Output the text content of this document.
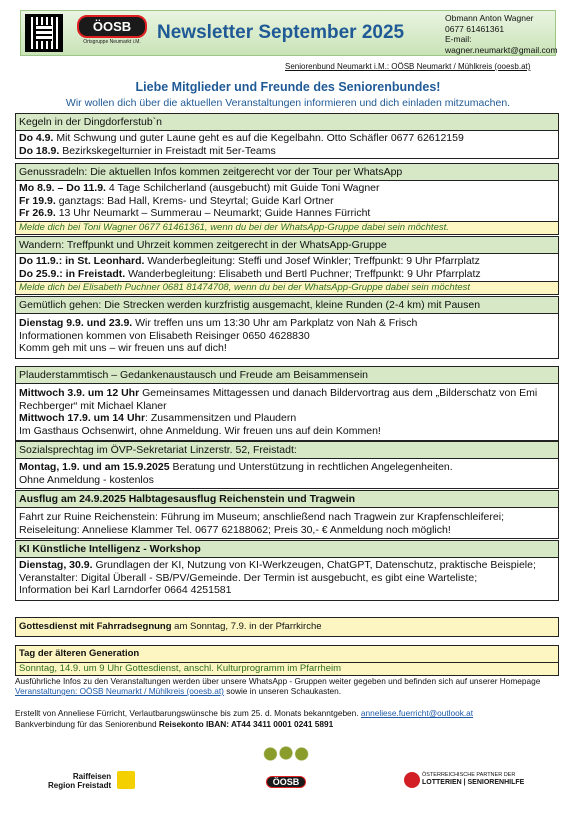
ÖOSB
Ortsgruppe Neumarkt i.M. Newsletter September 2025
Obmann Anton Wagner
0677 61461361
E-mail:
wagner.neumarkt@gmail.com
Seniorenbund Neumarkt i.M.: OÖSB Neumarkt / Mühlkreis (ooesb.at)
Liebe Mitglieder und Freunde des Seniorenbundes!
Wir wollen dich über die aktuellen Veranstaltungen informieren und dich einladen mitzumachen.
Kegeln in der Dingdorferstub`n
Do 4.9. Mit Schwung und guter Laune geht es auf die Kegelbahn. Otto Schäfler 0677 62612159
Do 18.9. Bezirkskegelturnier in Freistadt mit 5er-Teams
Genussradeln: Die aktuellen Infos kommen zeitgerecht vor der Tour per WhatsApp
Mo 8.9. – Do 11.9. 4 Tage Schilcherland (ausgebucht) mit Guide Toni Wagner
Fr 19.9. ganztags: Bad Hall, Krems- und Steyrtal; Guide Karl Ortner
Fr 26.9. 13 Uhr Neumarkt – Summerau – Neumarkt; Guide Hannes Fürricht
Melde dich bei Toni Wagner 0677 61461361, wenn du bei der WhatsApp-Gruppe dabei sein möchtest.
Wandern: Treffpunkt und Uhrzeit kommen zeitgerecht in der WhatsApp-Gruppe
Do 11.9.: in St. Leonhard. Wanderbegleitung: Steffi und Josef Winkler; Treffpunkt: 9 Uhr Pfarrplatz
Do 25.9.: in Freistadt. Wanderbegleitung: Elisabeth und Bertl Puchner; Treffpunkt: 9 Uhr Pfarrplatz
Melde dich bei Elisabeth Puchner 0681 81474708, wenn du bei der WhatsApp-Gruppe dabei sein möchtest
Gemütlich gehen: Die Strecken werden kurzfristig ausgemacht, kleine Runden (2-4 km) mit Pausen
Dienstag 9.9. und 23.9. Wir treffen uns um 13:30 Uhr am Parkplatz von Nah & Frisch
Informationen kommen von Elisabeth Reisinger 0650 4628830
Komm geh mit uns – wir freuen uns auf dich!
Plauderstammtisch – Gedankenaustausch und Freude am Beisammensein
Mittwoch 3.9. um 12 Uhr Gemeinsames Mittagessen und danach Bildervortrag aus dem „Bilderschatz von Emi Rechberger“ mit Michael Klaner
Mittwoch 17.9. um 14 Uhr: Zusammensitzen und Plaudern
Im Gasthaus Ochsenwirt, ohne Anmeldung. Wir freuen uns auf dein Kommen!
Sozialsprechtag im ÖVP-Sekretariat Linzerstr. 52, Freistadt:
Montag, 1.9. und am 15.9.2025 Beratung und Unterstützung in rechtlichen Angelegenheiten.
Ohne Anmeldung - kostenlos
Ausflug am 24.9.2025 Halbtagesausflug Reichenstein und Tragwein
Fahrt zur Ruine Reichenstein: Führung im Museum; anschließend nach Tragwein zur Krapfenschleiferei;
Reiseleitung: Anneliese Klammer Tel. 0677 62188062; Preis 30,- € Anmeldung noch möglich!
KI Künstliche Intelligenz - Workshop
Dienstag, 30.9. Grundlagen der KI, Nutzung von KI-Werkzeugen, ChatGPT, Datenschutz, praktische Beispiele;
Veranstalter: Digital Überall - SB/PV/Gemeinde. Der Termin ist ausgebucht, es gibt eine Warteliste;
Information bei Karl Larndorfer 0664 4251581
Gottesdienst mit Fahrradsegnung am Sonntag, 7.9. in der Pfarrkirche
Tag der älteren Generation
Sonntag, 14.9. um 9 Uhr Gottesdienst, anschl. Kulturprogramm im Pfarrheim
Ausführliche Infos zu den Veranstaltungen werden über unsere WhatsApp - Gruppen weiter gegeben und befinden sich auf unserer Homepage Veranstaltungen: OÖSB Neumarkt / Mühlkreis (ooesb.at) sowie in unseren Schaukasten.
Erstellt von Anneliese Fürricht, Verlautbarungswünsche bis zum 25. d. Monats bekanntgeben. anneliese.fuerricht@outlook.at
Bankverbindung für das Seniorenbund Reisekonto IBAN: AT44 3411 0001 0241 5891
Raiffeisen
Region Freistadt	ÖOSB
ÖSTERREICHISCHE PARTNER DER
LOTTERIEN | SENIORENHILFE
